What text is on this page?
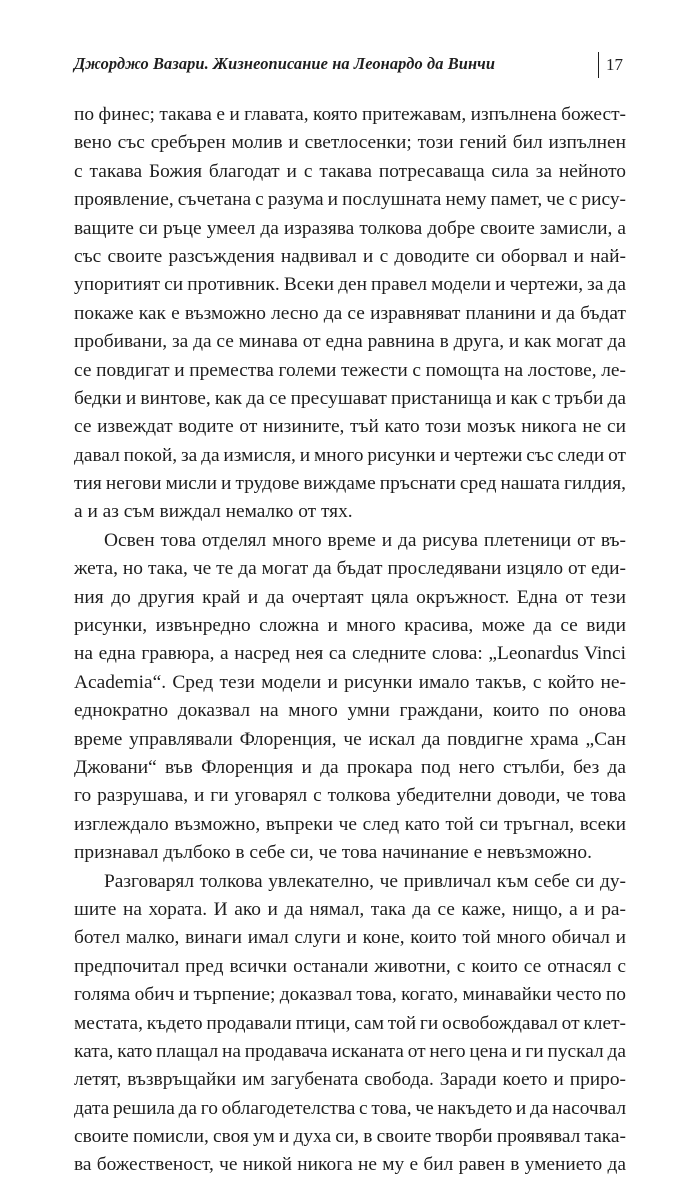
Джорджо Вазари. Жизнеописание на Леонардо да Винчи	17
по финес; такава е и главата, която притежавам, изпълнена божест-
вено със сребърен молив и светлосенки; този гений бил изпълнен
с такава Божия благодат и с такава потресаваща сила за нейното
проявление, съчетана с разума и послушната нему памет, че с рису-
ващите си ръце умеел да изразява толкова добре своите замисли, а
със своите разсъждения надвивал и с доводите си оборвал и най-
упоритият си противник. Всеки ден правел модели и чертежи, за да
покаже как е възможно лесно да се изравняват планини и да бъдат
пробивани, за да се минава от една равнина в друга, и как могат да
се повдигат и премества големи тежести с помощта на лостове, ле-
бедки и винтове, как да се пресушават пристанища и как с тръби да
се извеждат водите от низините, тъй като този мозък никога не си
давал покой, за да измисля, и много рисунки и чертежи със следи от
тия негови мисли и трудове виждаме пръснати сред нашата гилдия,
а и аз съм виждал немалко от тях.
Освен това отделял много време и да рисува плетеници от въ-
жета, но така, че те да могат да бъдат проследявани изцяло от еди-
ния до другия край и да очертаят цяла окръжност. Една от тези
рисунки, извънредно сложна и много красива, може да се види
на една гравюра, а насред нея са следните слова: „Leonardus Vinci
Academia“. Сред тези модели и рисунки имало такъв, с който не-
еднократно доказвал на много умни граждани, които по онова
време управлявали Флоренция, че искал да повдигне храма „Сан
Джовани“ във Флоренция и да прокара под него стълби, без да
го разрушава, и ги уговарял с толкова убедителни доводи, че това
изглеждало възможно, въпреки че след като той си тръгнал, всеки
признавал дълбоко в себе си, че това начинание е невъзможно.
Разговарял толкова увлекателно, че привличал към себе си ду-
шите на хората. И ако и да нямал, така да се каже, нищо, а и ра-
ботел малко, винаги имал слуги и коне, които той много обичал и
предпочитал пред всички останали животни, с които се отнасял с
голяма обич и търпение; доказвал това, когато, минавайки често по
местата, където продавали птици, сам той ги освобождавал от клет-
ката, като плащал на продавача исканата от него цена и ги пускал да
летят, възвръщайки им загубената свобода. Заради което и приро-
дата решила да го облагодетелства с това, че накъдето и да насочвал
своите помисли, своя ум и духа си, в своите творби проявявал така-
ва божественост, че никой никога не му е бил равен в умението да
